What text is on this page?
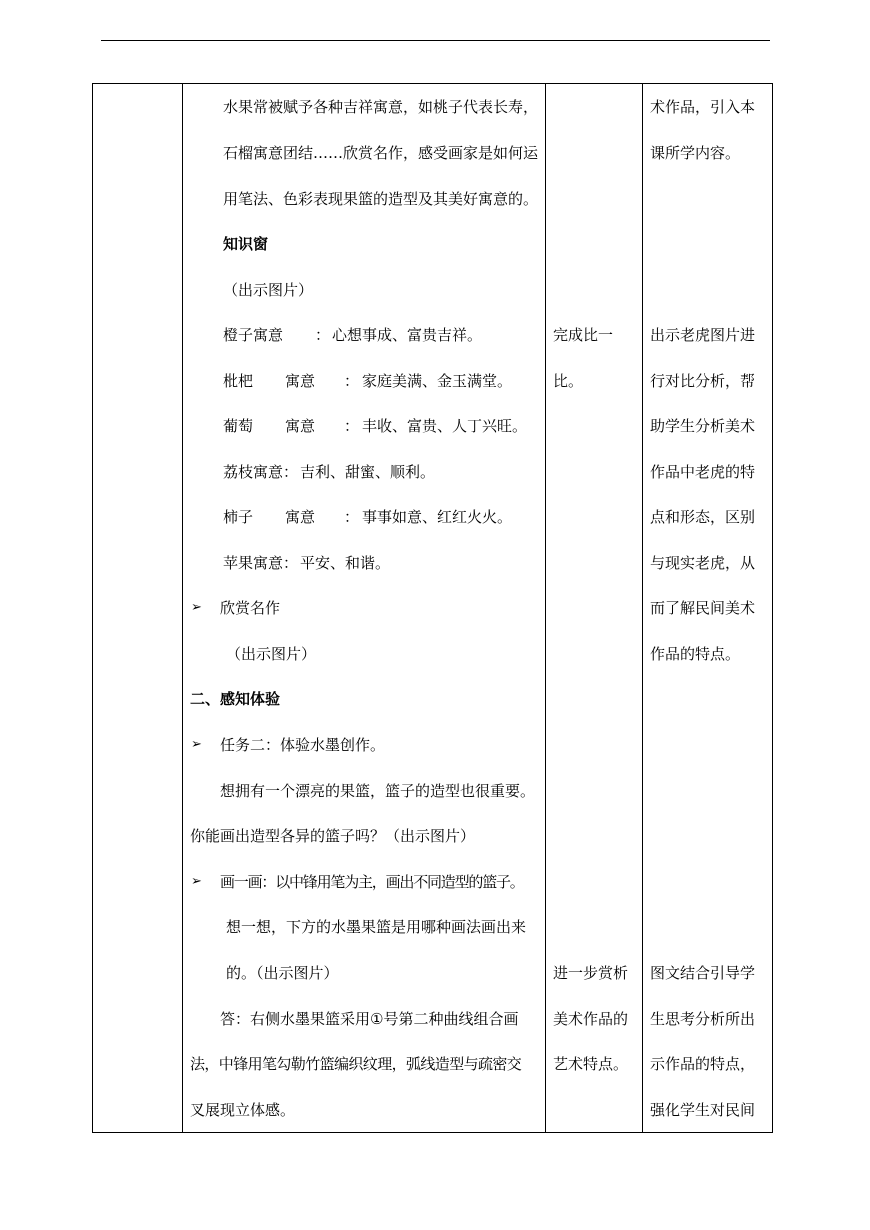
水果常被赋予各种吉祥寓意，如桃子代表长寿，
石榴寓意团结……欣赏名作，感受画家是如何运
用笔法、色彩表现果篮的造型及其美好寓意的。
知识窗
（出示图片）
橙子寓意 ： 心想事成、富贵吉祥。
枇杷 寓意 ： 家庭美满、金玉满堂。
葡萄 寓意 ： 丰收、富贵、人丁兴旺。
荔枝寓意 ： 吉利、甜蜜、顺利。
柿子 寓意 ： 事事如意、红红火火。
苹果寓意 ： 平安、和谐。
➢ 欣赏名作
（出示图片）
二、感知体验
➢ 任务二：体验水墨创作。
想拥有一个漂亮的果篮，篮子的造型也很重要。
你能画出造型各异的篮子吗？（出示图片）
➢ 画一画：以中锋用笔为主，画出不同造型的篮子。
想一想，下方的水墨果篮是用哪种画法画出来
的。（出示图片）
答：右侧水墨果篮采用①号第二种曲线组合画
法，中锋用笔勾勒竹篮编织纹理，弧线造型与疏密交
叉展现立体感。
完成比一
比。
进一步赏析
美术作品的
艺术特点。
术作品，引入本
课所学内容。
出示老虎图片进
行对比分析，帮
助学生分析美术
作品中老虎的特
点和形态，区别
与现实老虎，从
而了解民间美术
作品的特点。
图文结合引导学
生思考分析所出
示作品的特点，
强化学生对民间
